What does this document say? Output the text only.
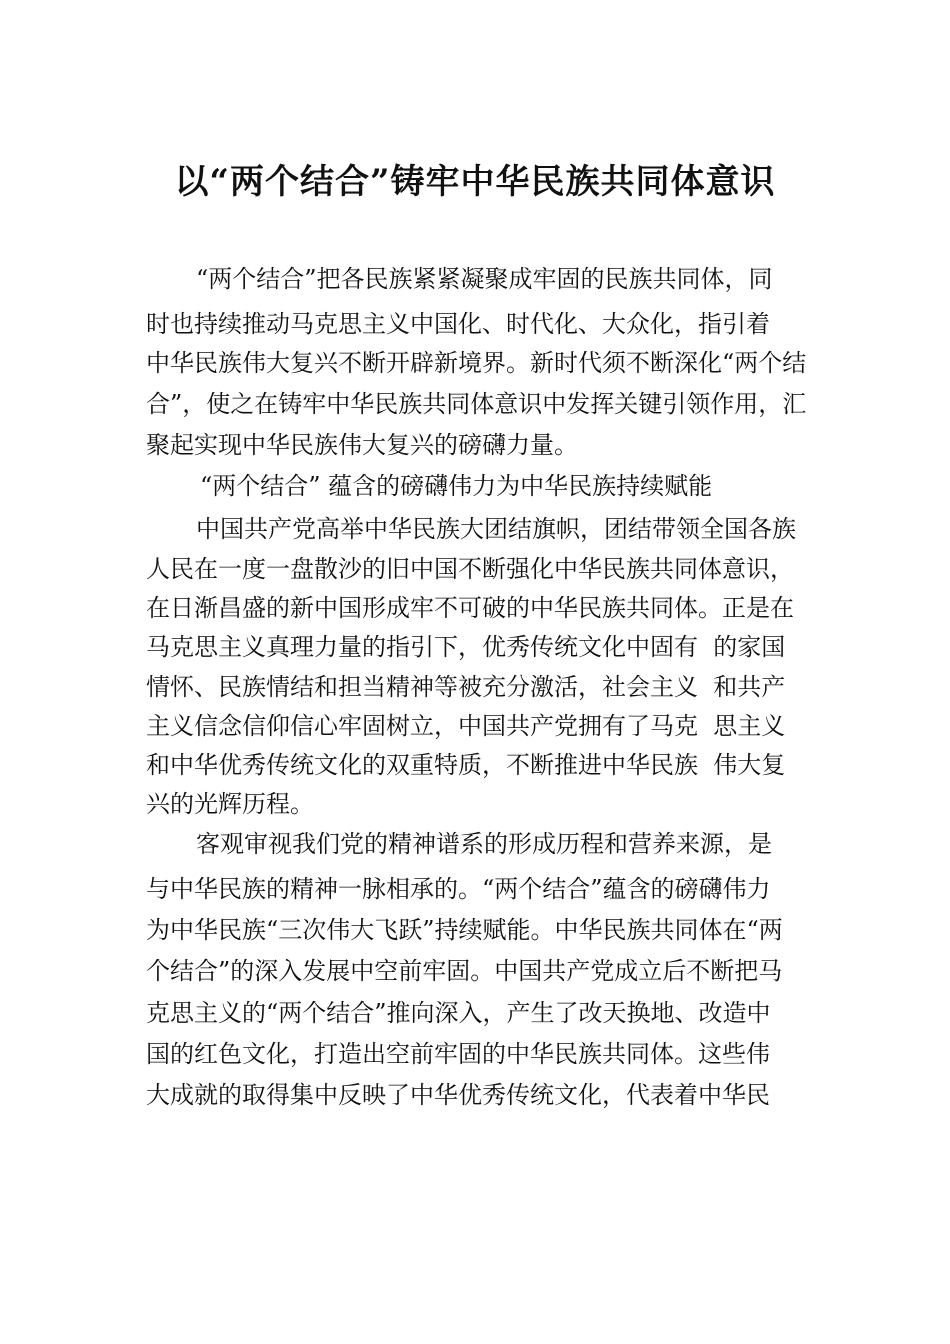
以“两个结合”铸牢中华民族共同体意识
“两个结合”把各民族紧紧凝聚成牢固的民族共同体，同
时也持续推动马克思主义中国化、时代化、大众化，指引着
中华民族伟大复兴不断开辟新境界。新时代须不断深化“两个结
合”，使之在铸牢中华民族共同体意识中发挥关键引领作用，汇
聚起实现中华民族伟大复兴的磅礴力量。
“两个结合” 蕴含的磅礴伟力为中华民族持续赋能
中国共产党高举中华民族大团结旗帜，团结带领全国各族
人民在一度一盘散沙的旧中国不断强化中华民族共同体意识，
在日渐昌盛的新中国形成牢不可破的中华民族共同体。正是在
马克思主义真理力量的指引下，优秀传统文化中固有  的家国
情怀、民族情结和担当精神等被充分激活，社会主义  和共产
主义信念信仰信心牢固树立，中国共产党拥有了马克  思主义
和中华优秀传统文化的双重特质，不断推进中华民族  伟大复
兴的光辉历程。
客观审视我们党的精神谱系的形成历程和营养来源，是
与中华民族的精神一脉相承的。“两个结合”蕴含的磅礴伟力
为中华民族“三次伟大飞跃”持续赋能。中华民族共同体在“两
个结合”的深入发展中空前牢固。中国共产党成立后不断把马
克思主义的“两个结合”推向深入，产生了改天换地、改造中
国的红色文化，打造出空前牢固的中华民族共同体。这些伟
大成就的取得集中反映了中华优秀传统文化，代表着中华民
